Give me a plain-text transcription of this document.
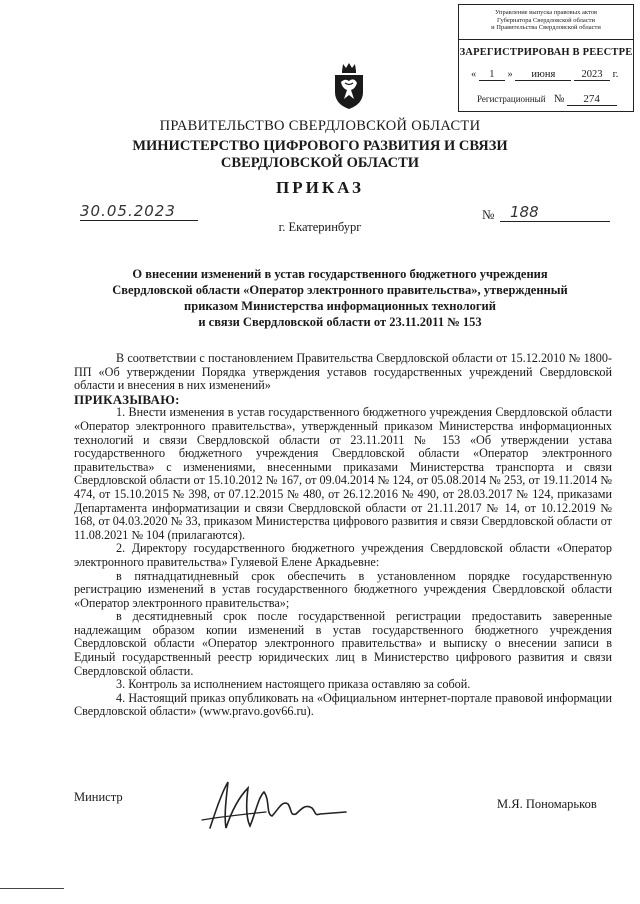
Управление выпуска правовых актов
Губернатора Свердловской области
и Правительства Свердловской области
ЗАРЕГИСТРИРОВАН В РЕЕСТРЕ
« 1 » июня 2023 г.
Регистрационный № 274
ПРАВИТЕЛЬСТВО СВЕРДЛОВСКОЙ ОБЛАСТИ
МИНИСТЕРСТВО ЦИФРОВОГО РАЗВИТИЯ И СВЯЗИ
СВЕРДЛОВСКОЙ ОБЛАСТИ
ПРИКАЗ
30.05.2023	№	188
г. Екатеринбург
О внесении изменений в устав государственного бюджетного учреждения
Свердловской области «Оператор электронного правительства», утвержденный
приказом Министерства информационных технологий
и связи Свердловской области от 23.11.2011 № 153

В соответствии с постановлением Правительства Свердловской области от 15.12.2010 № 1800-ПП «Об утверждении Порядка утверждения уставов государственных учреждений Свердловской области и внесения в них изменений»

ПРИКАЗЫВАЮ:

1. Внести изменения в устав государственного бюджетного учреждения Свердловской области «Оператор электронного правительства», утвержденный приказом Министерства информационных технологий и связи Свердловской области от 23.11.2011 № 153 «Об утверждении устава государственного бюджетного учреждения Свердловской области «Оператор электронного правительства» с изменениями, внесенными приказами Министерства транспорта и связи Свердловской области от 15.10.2012 № 167, от 09.04.2014 № 124, от 05.08.2014 № 253, от 19.11.2014 № 474, от 15.10.2015 № 398, от 07.12.2015 № 480, от 26.12.2016 № 490, от 28.03.2017 № 124, приказами Департамента информатизации и связи Свердловской области от 21.11.2017 № 14, от 10.12.2019 № 168, от 04.03.2020 № 33, приказом Министерства цифрового развития и связи Свердловской области от 11.08.2021 № 104 (прилагаются).

2. Директору государственного бюджетного учреждения Свердловской области «Оператор электронного правительства» Гуляевой Елене Аркадьевне:

в пятнадцатидневный срок обеспечить в установленном порядке государственную регистрацию изменений в устав государственного бюджетного учреждения Свердловской области «Оператор электронного правительства»;

в десятидневный срок после государственной регистрации предоставить заверенные надлежащим образом копии изменений в устав государственного бюджетного учреждения Свердловской области «Оператор электронного правительства» и выписку о внесении записи в Единый государственный реестр юридических лиц в Министерство цифрового развития и связи Свердловской области.

3. Контроль за исполнением настоящего приказа оставляю за собой.

4. Настоящий приказ опубликовать на «Официальном интернет-портале правовой информации Свердловской области» (www.pravo.gov66.ru).

Министр	М.Я. Пономарьков
